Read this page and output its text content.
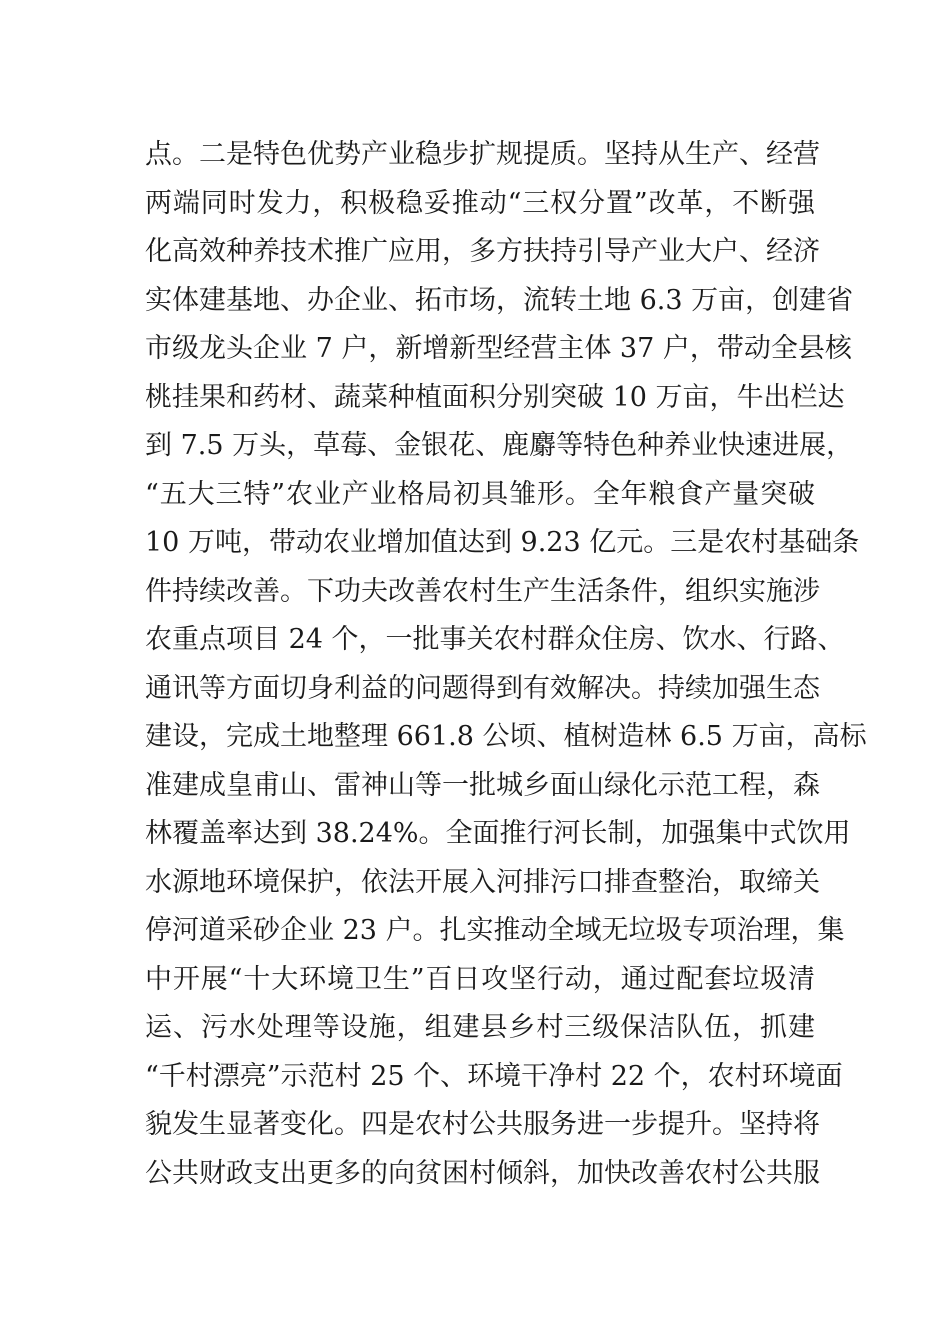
点。二是特色优势产业稳步扩规提质。坚持从生产、经营
两端同时发力，积极稳妥推动“三权分置”改革，不断强
化高效种养技术推广应用，多方扶持引导产业大户、经济
实体建基地、办企业、拓市场，流转土地 6.3 万亩，创建省
市级龙头企业 7 户，新增新型经营主体 37 户，带动全县核
桃挂果和药材、蔬菜种植面积分别突破 10 万亩，牛出栏达
到 7.5 万头，草莓、金银花、鹿麝等特色种养业快速进展，
“五大三特”农业产业格局初具雏形。全年粮食产量突破
10 万吨，带动农业增加值达到 9.23 亿元。三是农村基础条
件持续改善。下功夫改善农村生产生活条件，组织实施涉
农重点项目 24 个，一批事关农村群众住房、饮水、行路、
通讯等方面切身利益的问题得到有效解决。持续加强生态
建设，完成土地整理 661.8 公顷、植树造林 6.5 万亩，高标
准建成皇甫山、雷神山等一批城乡面山绿化示范工程，森
林覆盖率达到 38.24%。全面推行河长制，加强集中式饮用
水源地环境保护，依法开展入河排污口排查整治，取缔关
停河道采砂企业 23 户。扎实推动全域无垃圾专项治理，集
中开展“十大环境卫生”百日攻坚行动，通过配套垃圾清
运、污水处理等设施，组建县乡村三级保洁队伍，抓建
“千村漂亮”示范村 25 个、环境干净村 22 个，农村环境面
貌发生显著变化。四是农村公共服务进一步提升。坚持将
公共财政支出更多的向贫困村倾斜，加快改善农村公共服
